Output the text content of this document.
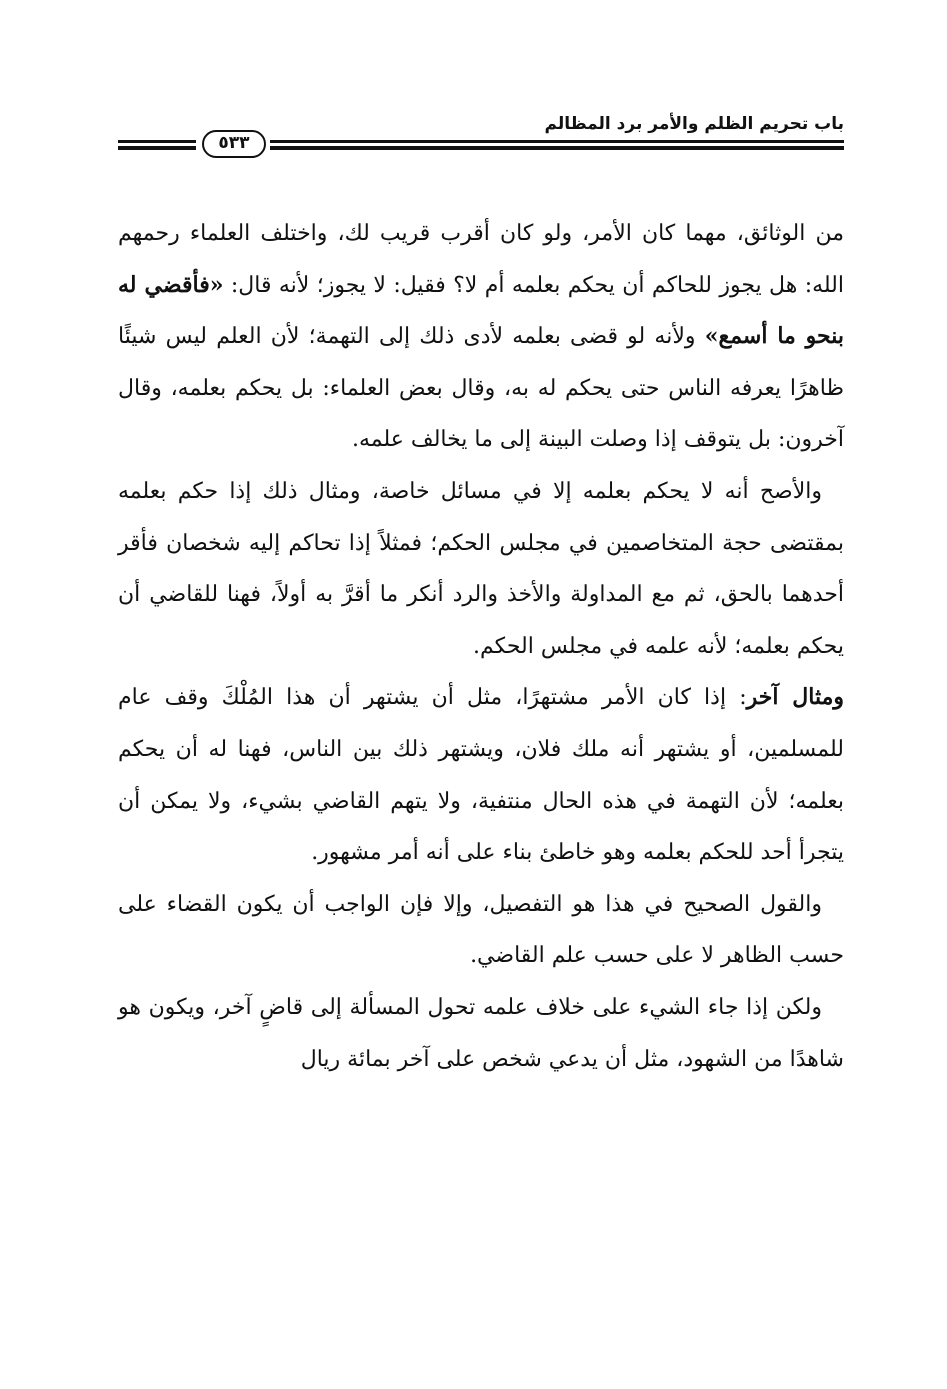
باب تحريم الظلم والأمر برد المظالم
٥٣٣

من الوثائق، مهما كان الأمر، ولو كان أقرب قريب لك، واختلف العلماء رحمهم الله: هل يجوز للحاكم أن يحكم بعلمه أم لا؟ فقيل: لا يجوز؛ لأنه قال: «فأقضي له بنحو ما أسمع» ولأنه لو قضى بعلمه لأدى ذلك إلى التهمة؛ لأن العلم ليس شيئًا ظاهرًا يعرفه الناس حتى يحكم له به، وقال بعض العلماء: بل يحكم بعلمه، وقال آخرون: بل يتوقف إذا وصلت البينة إلى ما يخالف علمه.

والأصح أنه لا يحكم بعلمه إلا في مسائل خاصة، ومثال ذلك إذا حكم بعلمه بمقتضى حجة المتخاصمين في مجلس الحكم؛ فمثلاً إذا تحاكم إليه شخصان فأقر أحدهما بالحق، ثم مع المداولة والأخذ والرد أنكر ما أقرَّ به أولاً، فهنا للقاضي أن يحكم بعلمه؛ لأنه علمه في مجلس الحكم.

ومثال آخر: إذا كان الأمر مشتهرًا، مثل أن يشتهر أن هذا المُلْكَ وقف عام للمسلمين، أو يشتهر أنه ملك فلان، ويشتهر ذلك بين الناس، فهنا له أن يحكم بعلمه؛ لأن التهمة في هذه الحال منتفية، ولا يتهم القاضي بشيء، ولا يمكن أن يتجرأ أحد للحكم بعلمه وهو خاطئ بناء على أنه أمر مشهور.

والقول الصحيح في هذا هو التفصيل، وإلا فإن الواجب أن يكون القضاء على حسب الظاهر لا على حسب علم القاضي.

ولكن إذا جاء الشيء على خلاف علمه تحول المسألة إلى قاضٍ آخر، ويكون هو شاهدًا من الشهود، مثل أن يدعي شخص على آخر بمائة ريال
